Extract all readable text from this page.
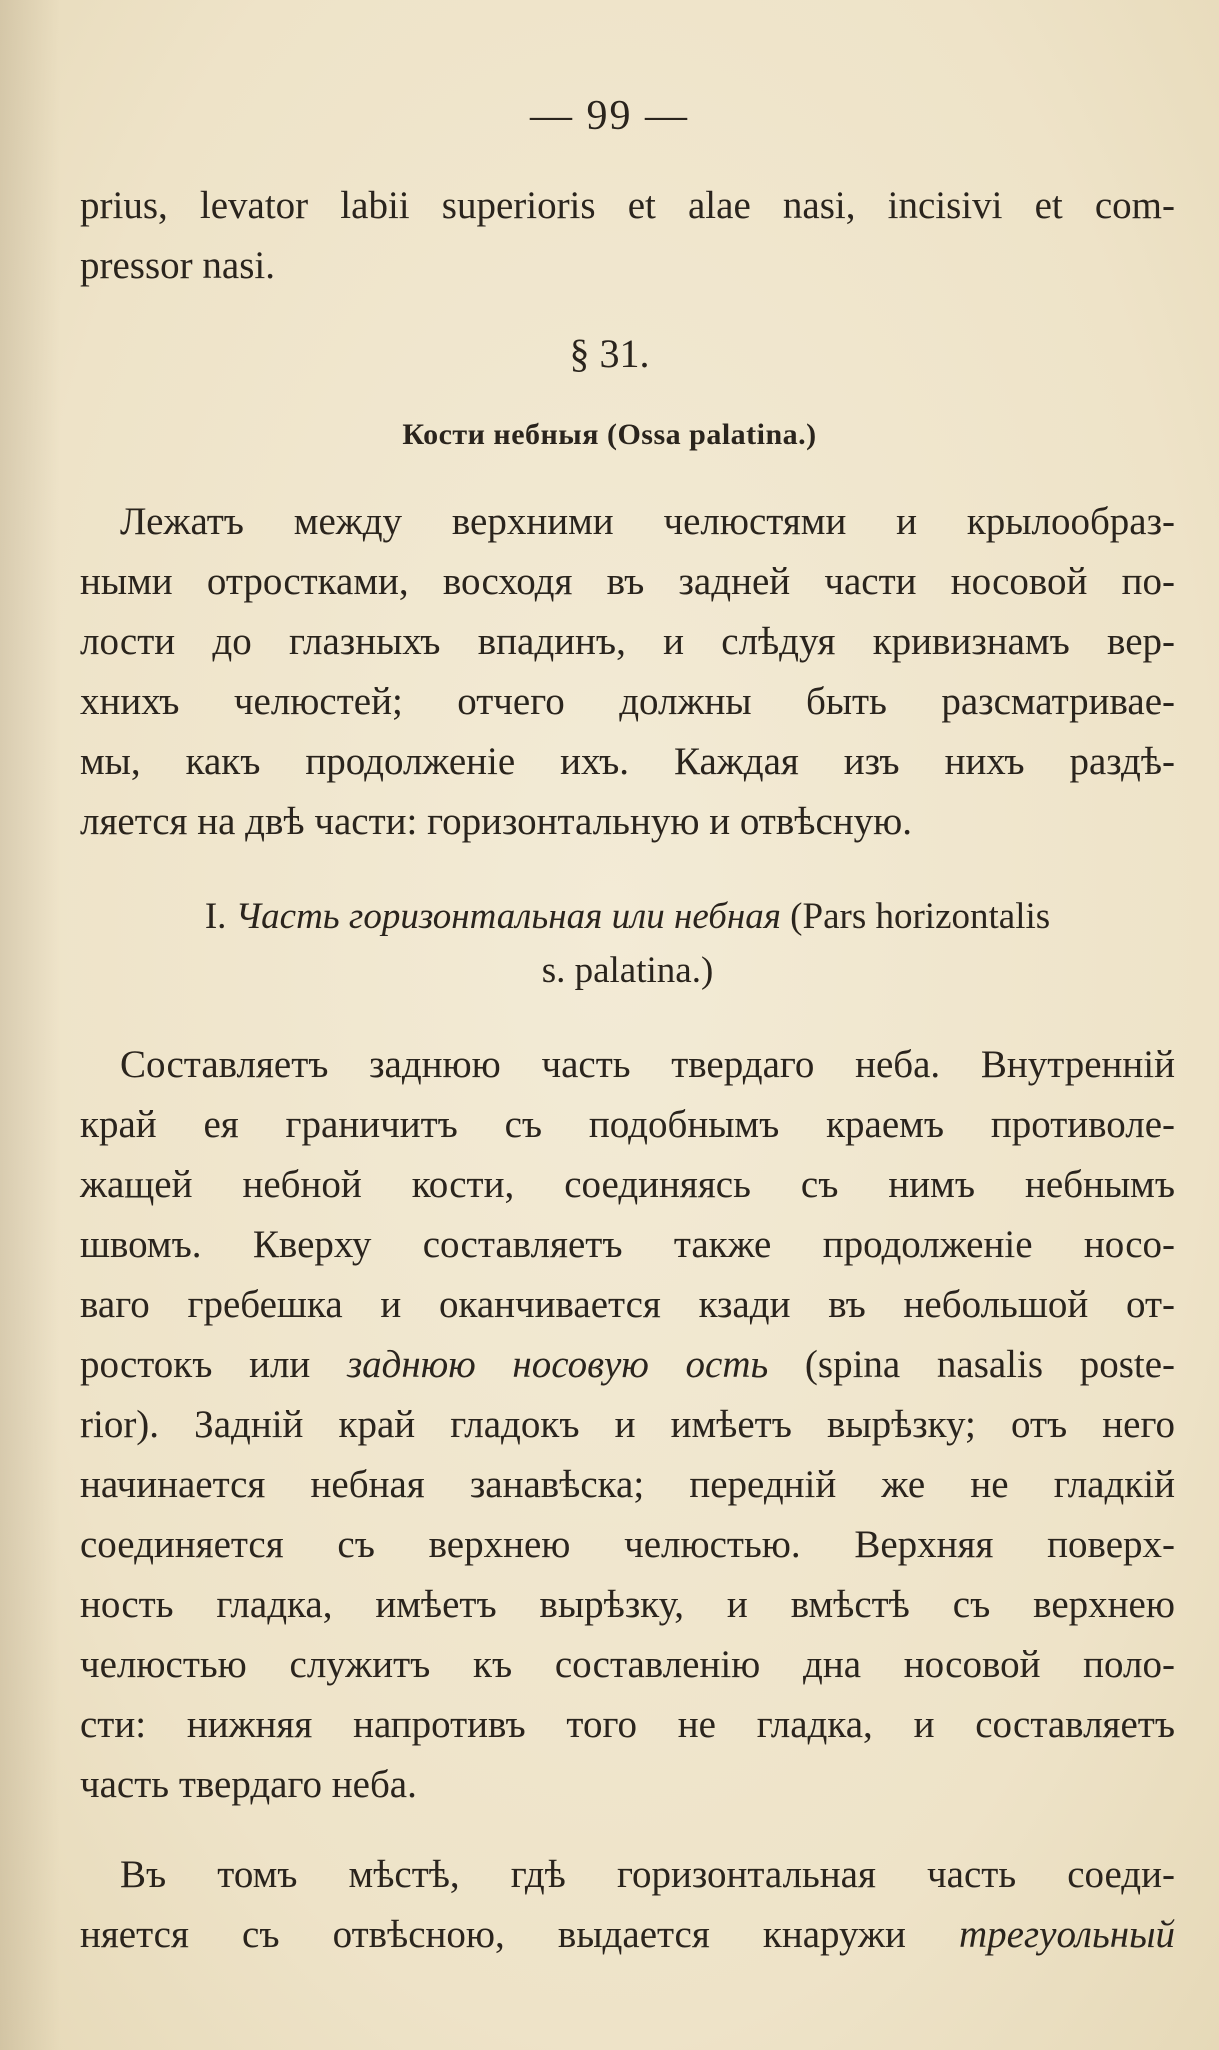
— 99 —

prius, levator labii superioris et alae nasi, incisivi et com-
pressor nasi.

§ 31.
Кости небныя (Ossa palatina.)

Лежатъ между верхними челюстями и крылообраз-
ными отростками, восходя въ задней части носовой по-
лости до глазныхъ впадинъ, и слѣдуя кривизнамъ вер-
хнихъ челюстей; отчего должны быть разсматривае-
мы, какъ продолженіе ихъ. Каждая изъ нихъ раздѣ-
ляется на двѣ части: горизонтальную и отвѣсную.

I. Часть горизонтальная или небная (Pars horizontalis
s. palatina.)

Составляетъ заднюю часть твердаго неба. Внутренній
край ея граничитъ съ подобнымъ краемъ противоле-
жащей небной кости, соединяясь съ нимъ небнымъ
швомъ. Кверху составляетъ также продолженіе носо-
ваго гребешка и оканчивается кзади въ небольшой от-
ростокъ или заднюю носовую ость (spina nasalis poste-
rior). Задній край гладокъ и имѣетъ вырѣзку; отъ него
начинается небная занавѣска; передній же не гладкій
соединяется съ верхнею челюстью. Верхняя поверх-
ность гладка, имѣетъ вырѣзку, и вмѣстѣ съ верхнею
челюстью служитъ къ составленію дна носовой поло-
сти: нижняя напротивъ того не гладка, и составляетъ
часть твердаго неба.

Въ томъ мѣстѣ, гдѣ горизонтальная часть соеди-
няется съ отвѣсною, выдается кнаружи трегуольный
